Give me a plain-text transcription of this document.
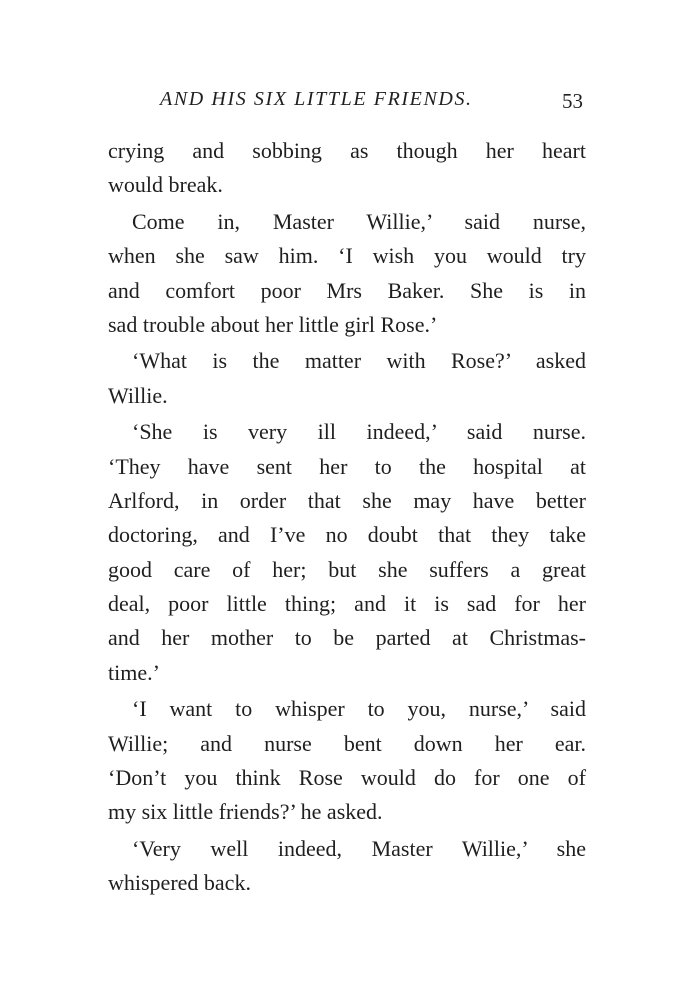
AND HIS SIX LITTLE FRIENDS.	53
crying and sobbing as though her heart
would break.
Come in, Master Willie,’ said nurse,
when she saw him. ‘I wish you would try
and comfort poor Mrs Baker. She is in
sad trouble about her little girl Rose.’
‘What is the matter with Rose?’ asked
Willie.
‘She is very ill indeed,’ said nurse.
‘They have sent her to the hospital at
Arlford, in order that she may have better
doctoring, and I’ve no doubt that they take
good care of her; but she suffers a great
deal, poor little thing; and it is sad for her
and her mother to be parted at Christmas-
time.’
‘I want to whisper to you, nurse,’ said
Willie; and nurse bent down her ear.
‘Don’t you think Rose would do for one of
my six little friends?’ he asked.
‘Very well indeed, Master Willie,’ she
whispered back.
